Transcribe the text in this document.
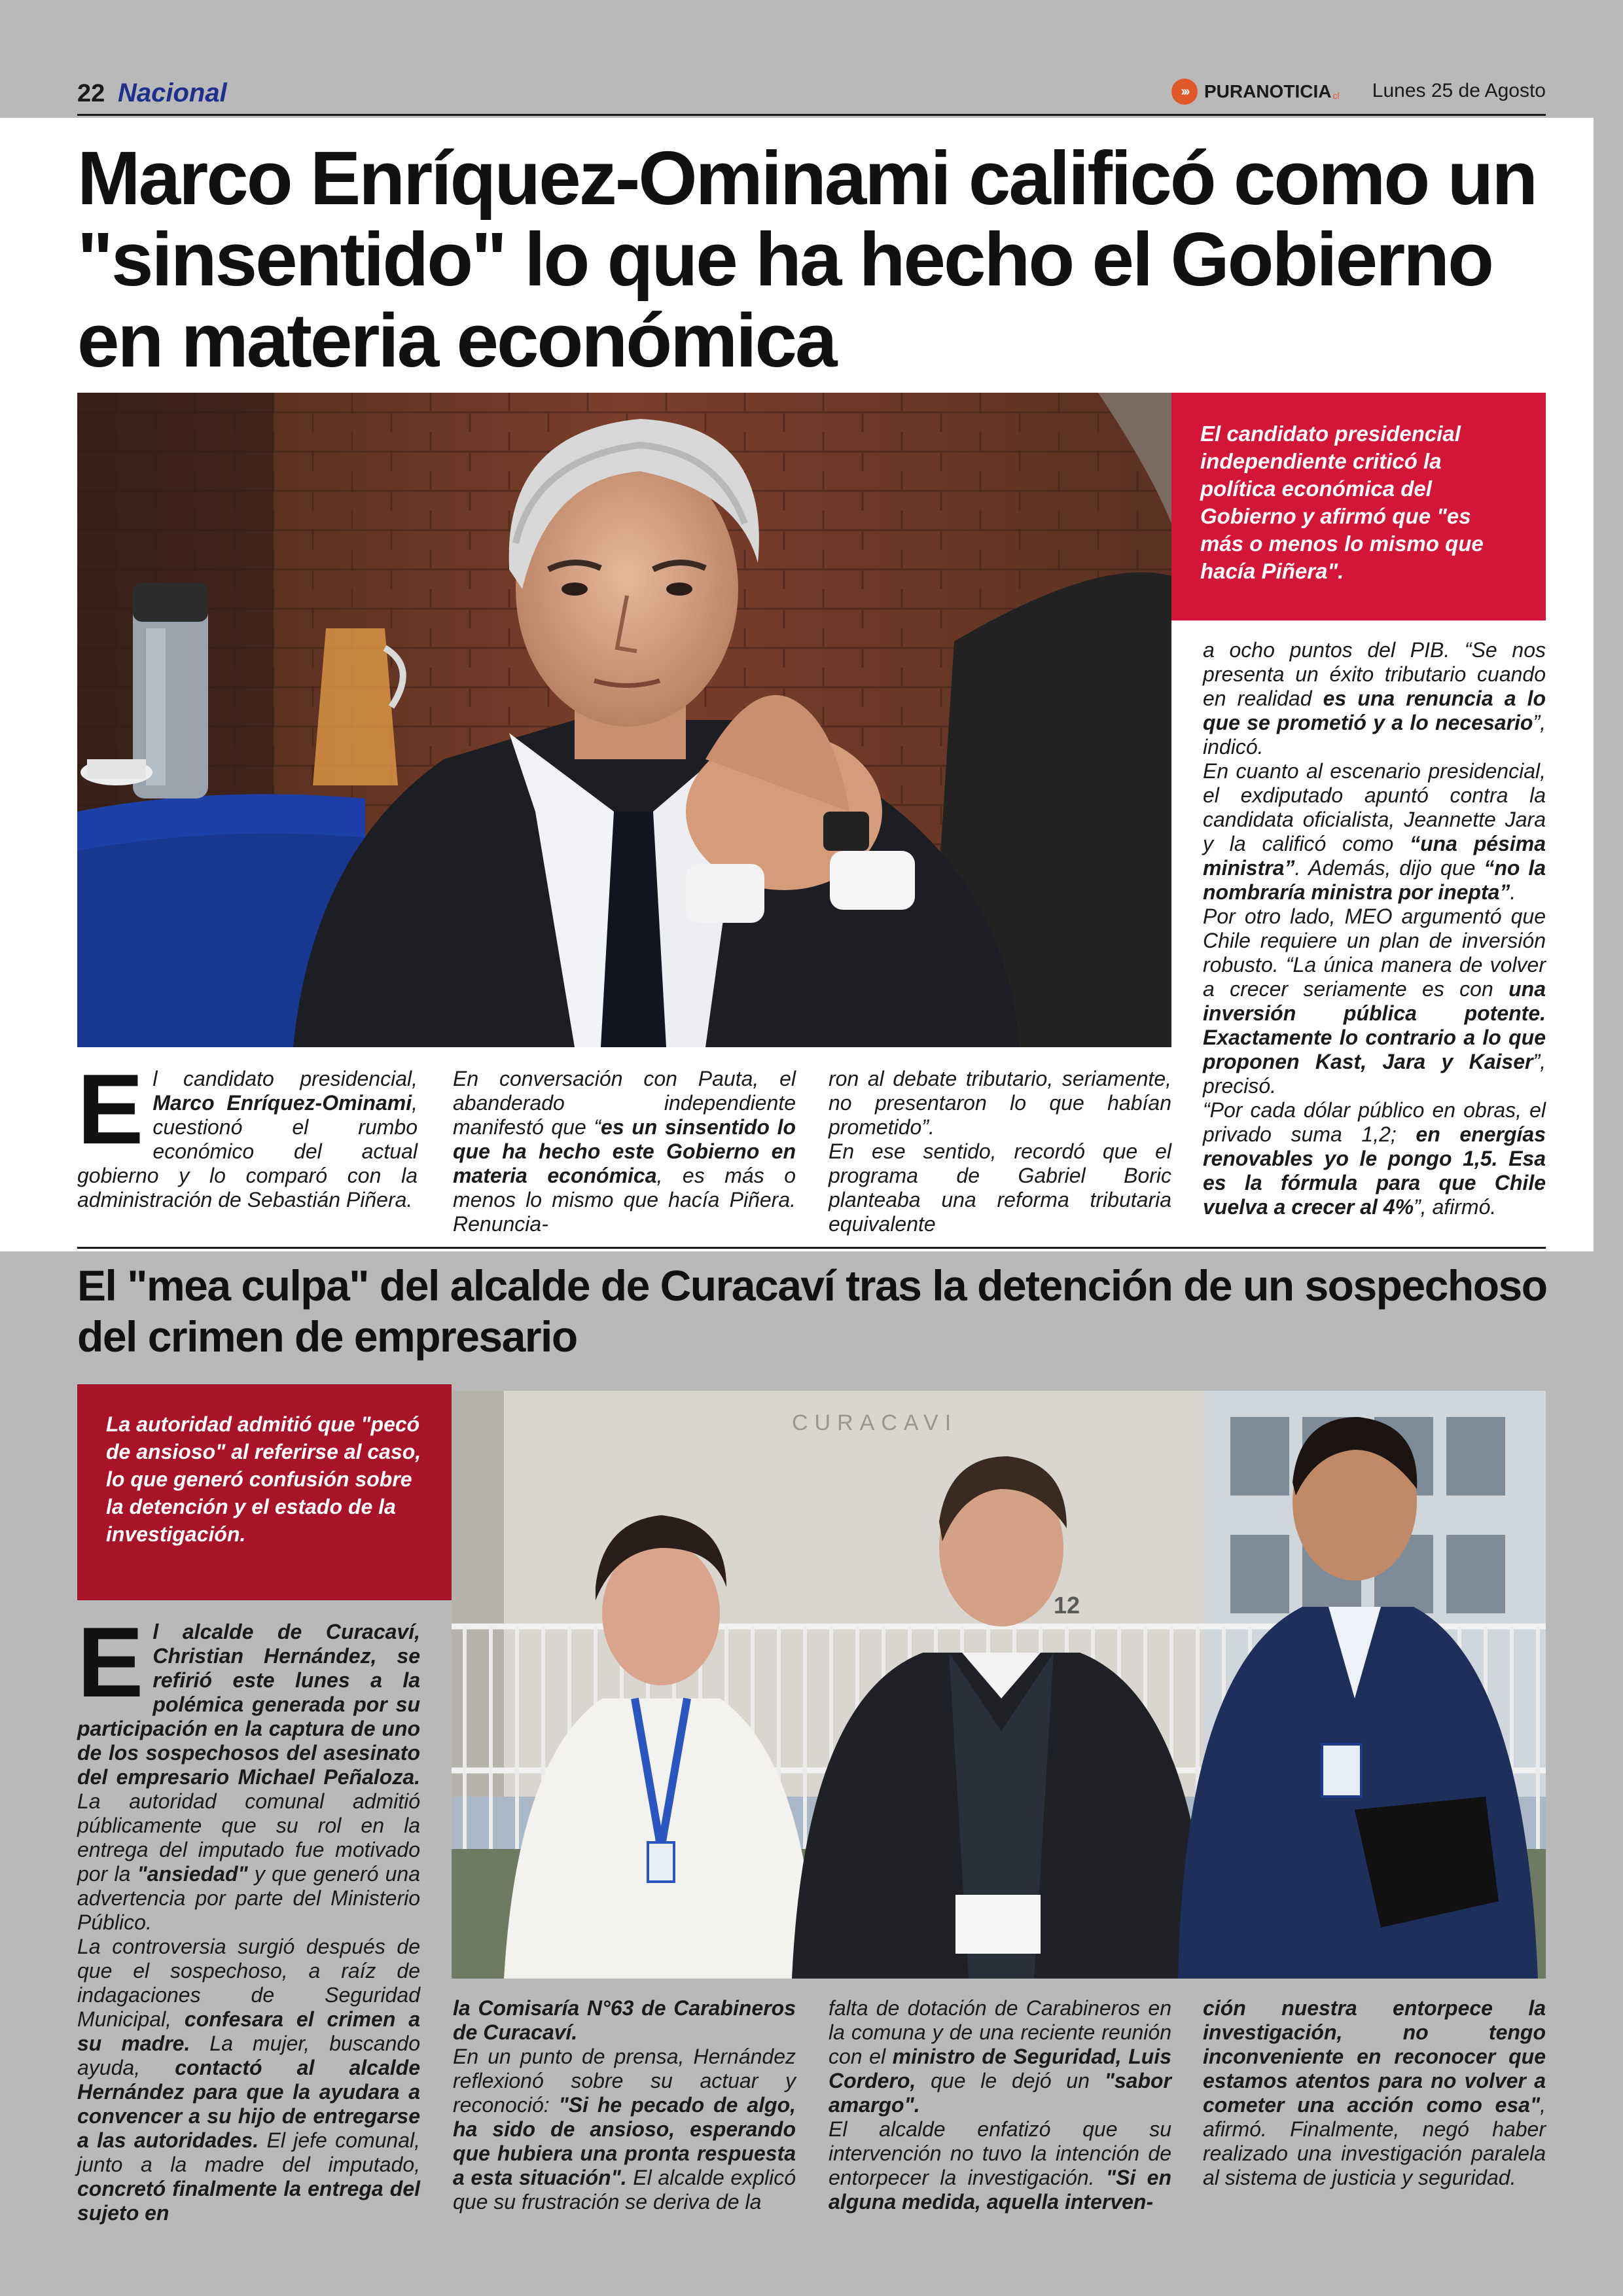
22 Nacional	››› PURANOTICIA cl Lunes 25 de Agosto
Marco Enríquez-Ominami calificó como un "sinsentido" lo que ha hecho el Gobierno en materia económica

El candidato presidencial independiente criticó la política económica del Gobierno y afirmó que "es más o menos lo mismo que hacía Piñera".

E l candidato presidencial, Marco Enríquez-Ominami, cuestionó el rumbo económico del actual gobierno y lo comparó con la administración de Sebastián Piñera.

En conversación con Pauta, el abanderado independiente manifestó que “es un sinsentido lo que ha hecho este Gobierno en materia económica, es más o menos lo mismo que hacía Piñera. Renuncia-

ron al debate tributario, seriamente, no presentaron lo que habían prometido”.

En ese sentido, recordó que el programa de Gabriel Boric planteaba una reforma tributaria equivalente

a ocho puntos del PIB. “Se nos presenta un éxito tributario cuando en realidad es una renuncia a lo que se prometió y a lo necesario”, indicó.

En cuanto al escenario presidencial, el exdiputado apuntó contra la candidata oficialista, Jeannette Jara y la calificó como “una pésima ministra”. Además, dijo que “no la nombraría ministra por inepta”.

Por otro lado, MEO argumentó que Chile requiere un plan de inversión robusto. “La única manera de volver a crecer seriamente es con una inversión pública potente. Exactamente lo contrario a lo que proponen Kast, Jara y Kaiser”, precisó.

“Por cada dólar público en obras, el privado suma 1,2; en energías renovables yo le pongo 1,5. Esa es la fórmula para que Chile vuelva a crecer al 4%”, afirmó.

El "mea culpa" del alcalde de Curacaví tras la detención de un sospechoso del crimen de empresario

La autoridad admitió que "pecó de ansioso" al referirse al caso, lo que generó confusión sobre la detención y el estado de la investigación.

CURACAVI
12
E l alcalde de Curacaví, Christian Hernández, se refirió este lunes a la polémica generada por su participación en la captura de uno de los sospechosos del asesinato del empresario Michael Peñaloza. La autoridad comunal admitió públicamente que su rol en la entrega del imputado fue motivado por la "ansiedad" y que generó una advertencia por parte del Ministerio Público.

La controversia surgió después de que el sospechoso, a raíz de indagaciones de Seguridad Municipal, confesara el crimen a su madre. La mujer, buscando ayuda, contactó al alcalde Hernández para que la ayudara a convencer a su hijo de entregarse a las autoridades. El jefe comunal, junto a la madre del imputado, concretó finalmente la entrega del sujeto en

la Comisaría N°63 de Carabineros de Curacaví.

En un punto de prensa, Hernández reflexionó sobre su actuar y reconoció: "Si he pecado de algo, ha sido de ansioso, esperando que hubiera una pronta respuesta a esta situación". El alcalde explicó que su frustración se deriva de la

falta de dotación de Carabineros en la comuna y de una reciente reunión con el ministro de Seguridad, Luis Cordero, que le dejó un "sabor amargo".

El alcalde enfatizó que su intervención no tuvo la intención de entorpecer la investigación. "Si en alguna medida, aquella interven-

ción nuestra entorpece la investigación, no tengo inconveniente en reconocer que estamos atentos para no volver a cometer una acción como esa", afirmó. Finalmente, negó haber realizado una investigación paralela al sistema de justicia y seguridad.
